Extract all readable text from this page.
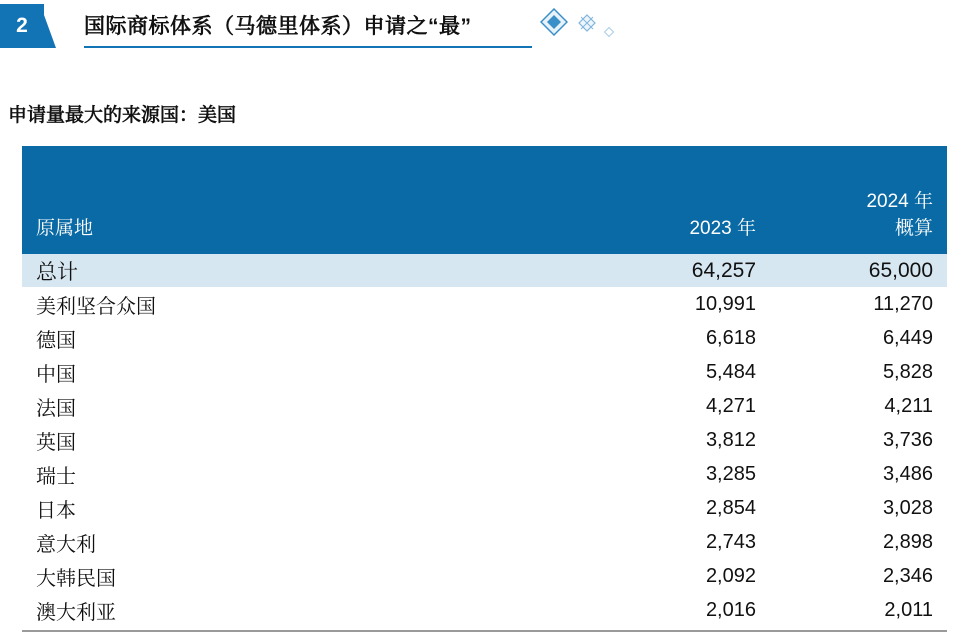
2	国际商标体系（马德里体系）申请之“最”
申请量最大的来源国：美国
原属地	2023 年	2024 年
概算

总计	64,257	65,000
美利坚合众国	10,991	11,270
德国	6,618	6,449
中国	5,484	5,828
法国	4,271	4,211
英国	3,812	3,736
瑞士	3,285	3,486
日本	2,854	3,028
意大利	2,743	2,898
大韩民国	2,092	2,346
澳大利亚	2,016	2,011
